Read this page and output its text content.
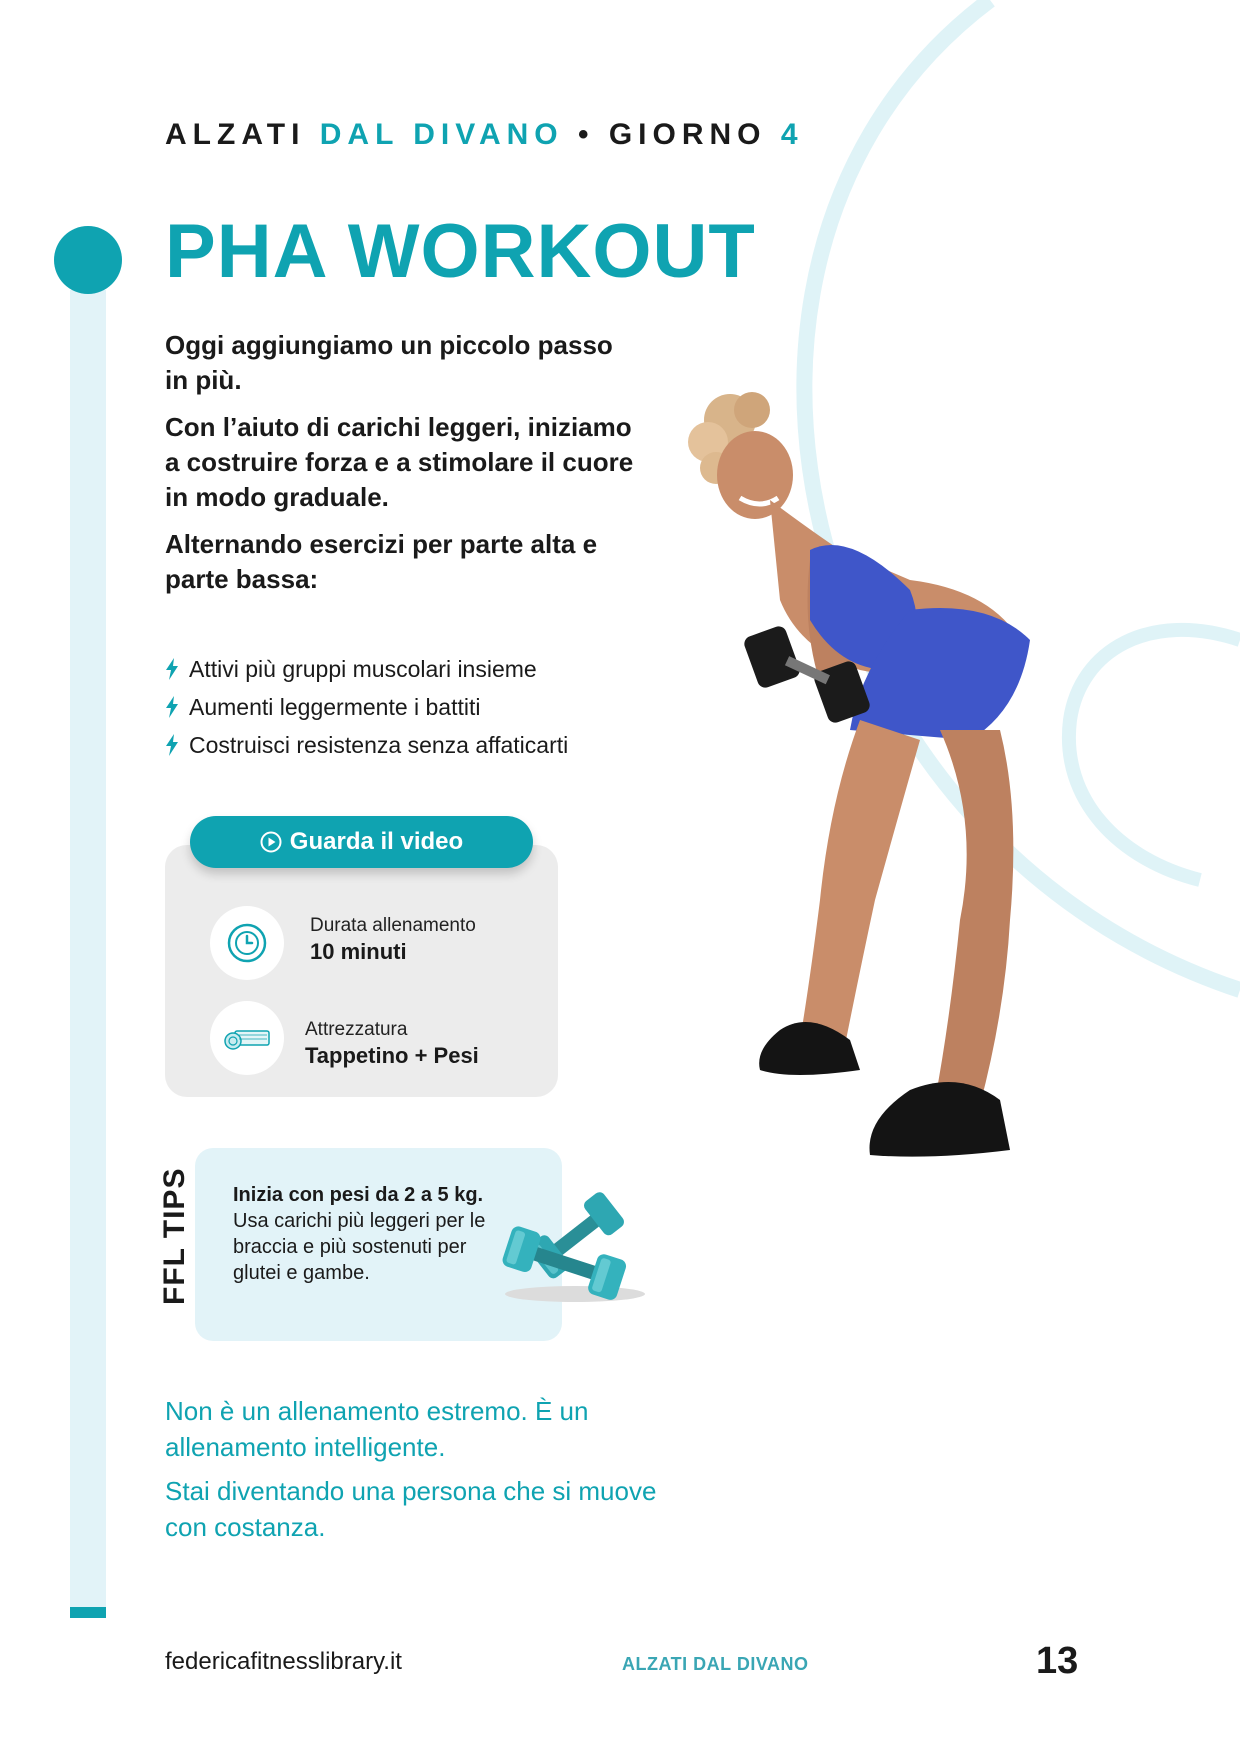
ALZATI DAL DIVANO • GIORNO 4
PHA WORKOUT

Oggi aggiungiamo un piccolo passo in più.

Con l’aiuto di carichi leggeri, iniziamo a costruire forza e a stimolare il cuore in modo graduale.

Alternando esercizi per parte alta e parte bassa:

Attivi più gruppi muscolari insieme
Aumenti leggermente i battiti
Costruisci resistenza senza affaticarti
Guarda il video
Durata allenamento
10 minuti
Attrezzatura
Tappetino + Pesi
FFL TIPS Inizia con pesi da 2 a 5 kg. Usa carichi più leggeri per le braccia e più sostenuti per glutei e gambe.

Non è un allenamento estremo. È un allenamento intelligente.

Stai diventando una persona che si muove con costanza.

federicafitnesslibrary.it	ALZATI DAL DIVANO	13
